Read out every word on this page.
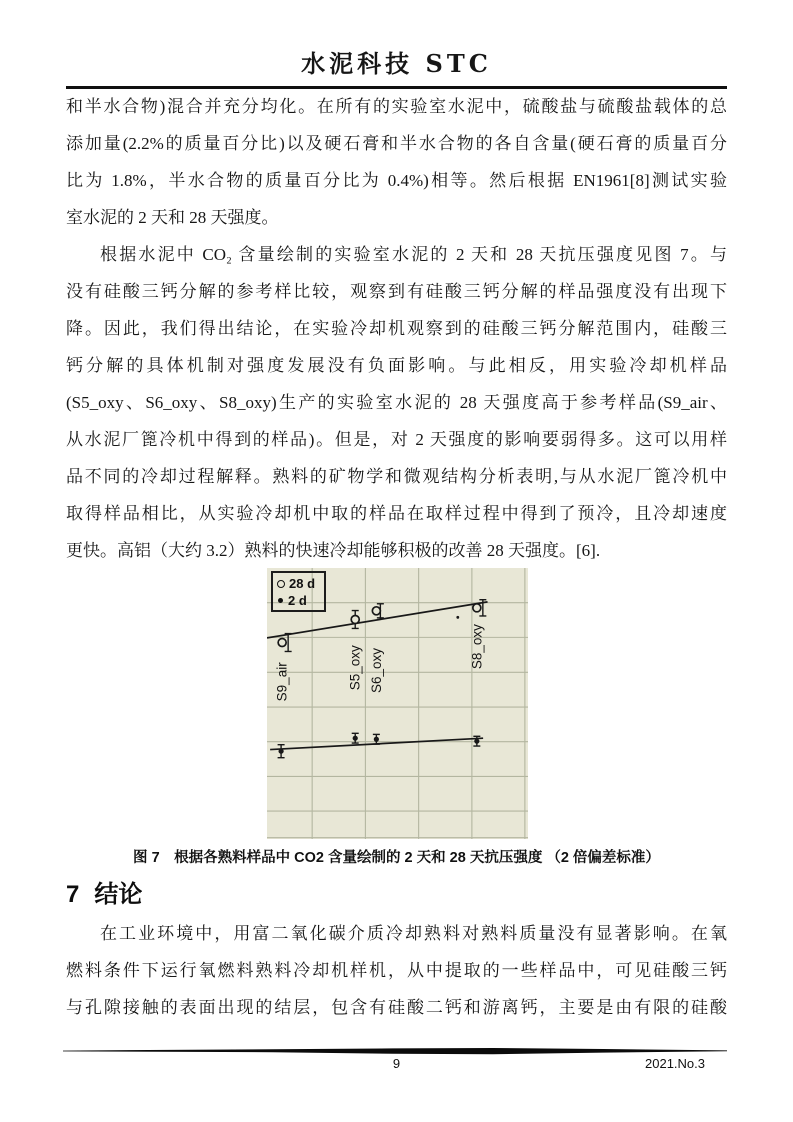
水泥科技 STC
和半水合物)混合并充分均化。在所有的实验室水泥中，硫酸盐与硫酸盐载体的总
添加量(2.2%的质量百分比)以及硬石膏和半水合物的各自含量(硬石膏的质量百分
比为 1.8%，半水合物的质量百分比为 0.4%)相等。然后根据 EN1961[8]测试实验
室水泥的 2 天和 28 天强度。
根据水泥中 CO₂ 含量绘制的实验室水泥的 2 天和 28 天抗压强度见图 7。与
没有硅酸三钙分解的参考样比较，观察到有硅酸三钙分解的样品强度没有出现下
降。因此，我们得出结论，在实验冷却机观察到的硅酸三钙分解范围内，硅酸三
钙分解的具体机制对强度发展没有负面影响。与此相反，用实验冷却机样品
(S5_oxy、S6_oxy、S8_oxy)生产的实验室水泥的 28 天强度高于参考样品(S9_air、
从水泥厂篦冷机中得到的样品)。但是，对 2 天强度的影响要弱得多。这可以用样
品不同的冷却过程解释。熟料的矿物学和微观结构分析表明,与从水泥厂篦冷机中
取得样品相比，从实验冷却机中取的样品在取样过程中得到了预冷，且冷却速度
更快。高铝（大约 3.2）熟料的快速冷却能够积极的改善 28 天强度。[6].
S9_air	S5_oxy S6_oxy
S8_oxy
28 d
2 d
图 7　根据各熟料样品中 CO2 含量绘制的 2 天和 28 天抗压强度 （2 倍偏差标准）
7 结论
在工业环境中，用富二氧化碳介质冷却熟料对熟料质量没有显著影响。在氧
燃料条件下运行氧燃料熟料冷却机样机，从中提取的一些样品中，可见硅酸三钙
与孔隙接触的表面出现的结层，包含有硅酸二钙和游离钙，主要是由有限的硅酸
9	2021.No.3
